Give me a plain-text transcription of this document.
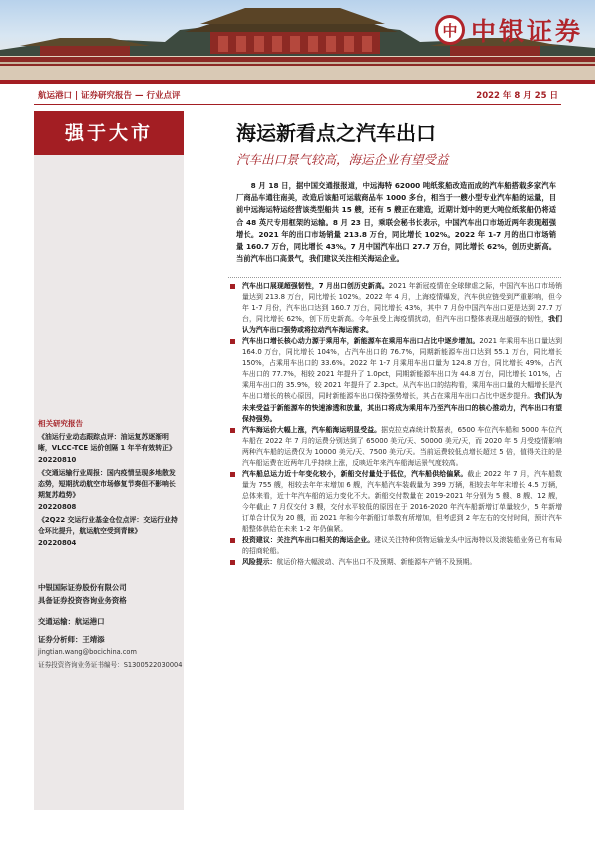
中 中银证券
航运港口 | 证券研究报告 — 行业点评	2022 年 8 月 25 日
强于大市	海运新看点之汽车出口
汽车出口景气较高，海运企业有望受益

8 月 18 日，据中国交通报报道，中远海特 62000 吨纸浆船改造而成的汽车船搭载多家汽车厂商品车通往南美，改造后该船可运载商品车 1000 多台，相当于一艘小型专业汽车船的运量，目前中远海运特运经营该类型船共 15 艘，还有 5 艘正在建造，近期计划中的更大吨位纸浆船仍将适合 48 英尺专用框架的运输。8 月 23 日，乘联会秘书长表示，中国汽车出口市场近两年表现超强增长。2021 年的出口市场销量 213.8 万台，同比增长 102%。2022 年 1-7 月的出口市场销量 160.7 万台，同比增长 43%。7 月中国汽车出口 27.7 万台，同比增长 62%，创历史新高。当前汽车出口高景气，我们建议关注相关海运企业。

汽车出口展现超强韧性，7 月出口创历史新高。2021 年新冠疫情在全球肆虐之际，中国汽车出口市场销量达到 213.8 万台，同比增长 102%。2022 年 4 月，上海疫情爆发，汽车供应链受到严重影响，但今年 1-7 月份，汽车出口达到 160.7 万台，同比增长 43%，其中 7 月份中国汽车出口更是达到 27.7 万台，同比增长 62%，创下历史新高。今年虽受上海疫情扰动，但汽车出口整体表现出超强的韧性，我们认为汽车出口强势或将拉动汽车海运需求。

汽车出口增长核心动力源于乘用车，新能源车在乘用车出口占比中逐步增加。2021 年乘用车出口量达到 164.0 万台，同比增长 104%，占汽车出口的 76.7%，同期新能源车出口达到 55.1 万台，同比增长 150%，占乘用车出口的 33.6%。2022 年 1-7 月乘用车出口量为 124.8 万台，同比增长 49%，占汽车出口的 77.7%，相较 2021 年提升了 1.0pct，同期新能源车出口为 44.8 万台，同比增长 101%，占乘用车出口的 35.9%，较 2021 年提升了 2.3pct。从汽车出口的结构看，乘用车出口量的大幅增长是汽车出口增长的核心原因，同时新能源车出口保持强势增长，其占在乘用车出口占比中逐步提升。我们认为未来受益于新能源车的快速渗透和放量，其出口将成为乘用车乃至汽车出口的核心推动力，汽车出口有望保持强势。

汽车海运价大幅上涨，汽车船海运明显受益。据克拉克森统计数据表，6500 车位汽车船和 5000 车位汽车船在 2022 年 7 月的运费分别达到了 65000 美元/天、50000 美元/天，而 2020 年 5 月受疫情影响两种汽车船的运费仅为 10000 美元/天、7500 美元/天。当前运费较低点增长超过 5 倍，值得关注的是汽车船运费在近两年几乎持续上涨，反映近年来汽车船海运景气度较高。

汽车船总运力近十年变化较小，新船交付量处于低位，汽车船供给偏紧。截止 2022 年 7 月，汽车船数量为 755 艘，相较去年年末增加 6 艘，汽车船汽车装载量为 399 万辆，相较去年年末增长 4.5 万辆，总体来看，近十年汽车船的运力变化不大。新船交付数量在 2019-2021 年分别为 5 艘、8 艘、12 艘，今年截止 7 月仅交付 3 艘，交付水平较低的原因在于 2016-2020 年汽车船新增订单量较少，5 年新增订单合计仅为 20 艘，而 2021 年和今年新船订单数有所增加，但考虑到 2 年左右的交付时间，预计汽车船整体供给在未来 1-2 年仍偏紧。

投资建议：关注汽车出口相关的海运企业。建议关注特种货物运输龙头中远海特以及滚装船业务已有布局的招商轮船。

风险提示：航运价格大幅波动、汽车出口不及预期、新能源车产销不及预期。

相关研究报告
《油运行业动态跟踪点评：油运复苏逐渐明晰，VLCC-TCE 运价创隔 1 年半有效转正》
20220810
《交通运输行业周报：国内疫情呈现多地散发态势，短期扰动航空市场修复节奏但不影响长期复苏趋势》
20220808
《2Q22 交运行业基金仓位点评：交运行业持仓环比提升，航运航空受到青睐》
20220804
中银国际证券股份有限公司
具备证券投资咨询业务资格
交通运输：航运港口
证券分析师：王靖添
jingtian.wang@bocichina.com
证券投资咨询业务证书编号：S1300522030004
